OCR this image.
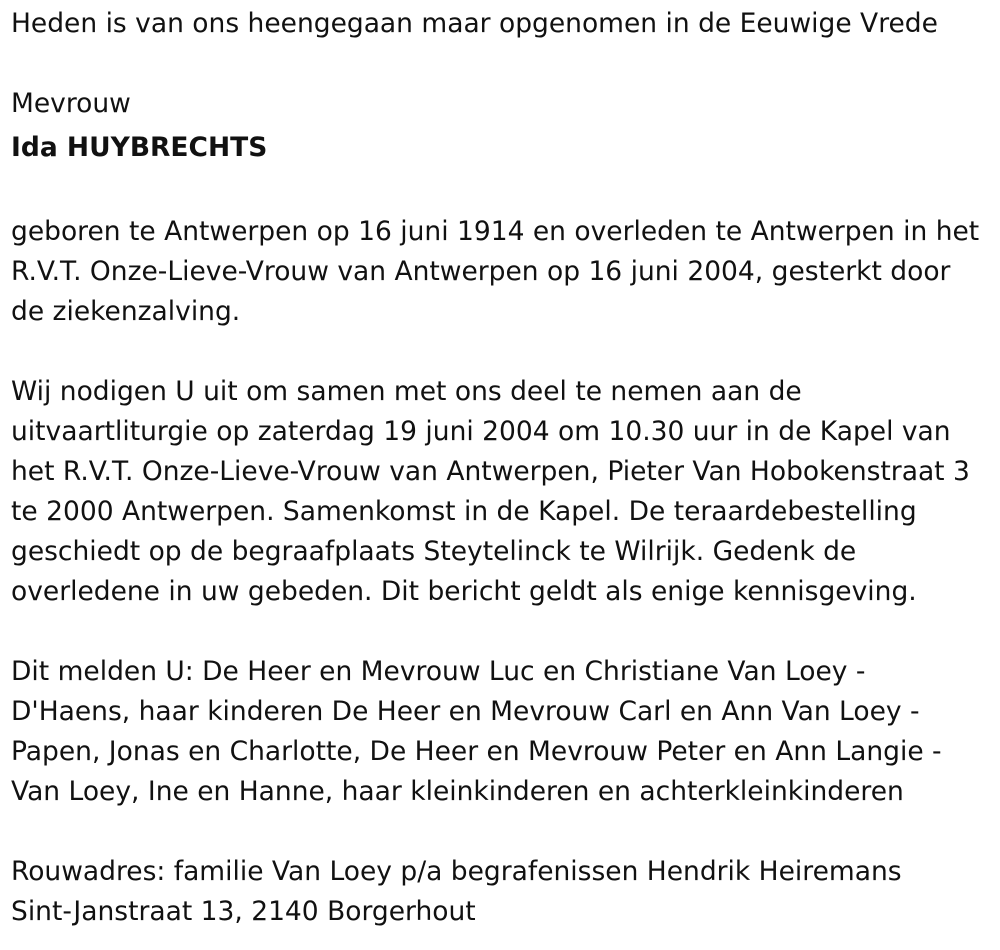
Heden is van ons heengegaan maar opgenomen in de Eeuwige Vrede

Mevrouw

Ida HUYBRECHTS

geboren te Antwerpen op 16 juni 1914 en overleden te Antwerpen in het

R.V.T. Onze-Lieve-Vrouw van Antwerpen op 16 juni 2004, gesterkt door

de ziekenzalving.

Wij nodigen U uit om samen met ons deel te nemen aan de

uitvaartliturgie op zaterdag 19 juni 2004 om 10.30 uur in de Kapel van

het R.V.T. Onze-Lieve-Vrouw van Antwerpen, Pieter Van Hobokenstraat 3

te 2000 Antwerpen. Samenkomst in de Kapel. De teraardebestelling

geschiedt op de begraafplaats Steytelinck te Wilrijk. Gedenk de

overledene in uw gebeden. Dit bericht geldt als enige kennisgeving.

Dit melden U: De Heer en Mevrouw Luc en Christiane Van Loey -

D'Haens, haar kinderen De Heer en Mevrouw Carl en Ann Van Loey -

Papen, Jonas en Charlotte, De Heer en Mevrouw Peter en Ann Langie -

Van Loey, Ine en Hanne, haar kleinkinderen en achterkleinkinderen

Rouwadres: familie Van Loey p/a begrafenissen Hendrik Heiremans

Sint-Janstraat 13, 2140 Borgerhout
